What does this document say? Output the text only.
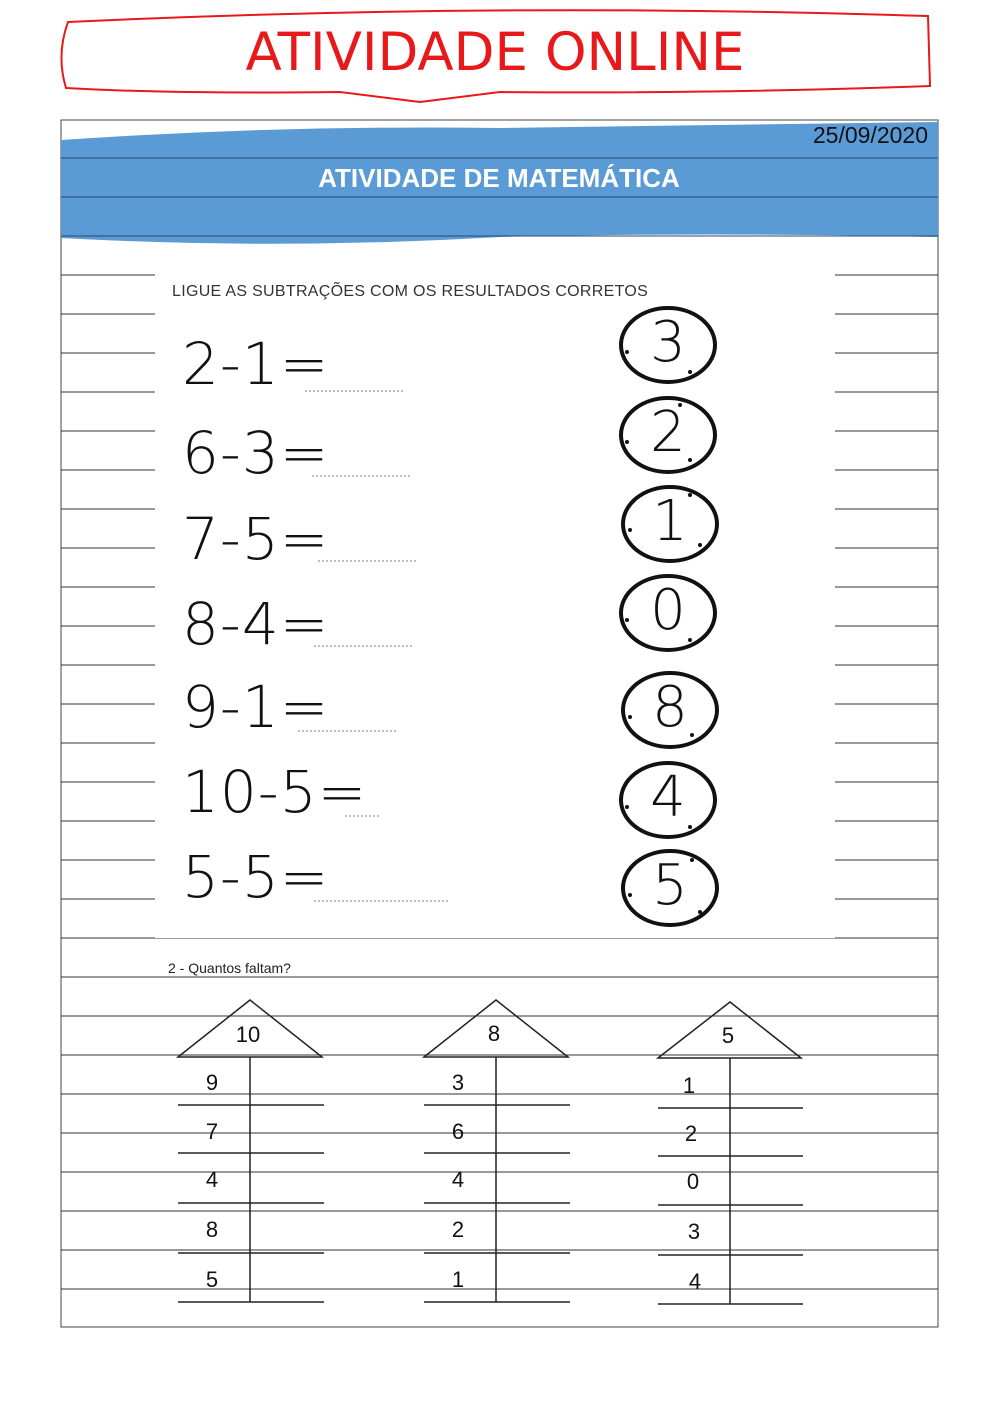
ATIVIDADE ONLINE
25/09/2020
ATIVIDADE DE MATEMÁTICA
LIGUE AS SUBTRAÇÕES COM OS RESULTADOS CORRETOS
2-1=
6-3=
7-5=
8-4=
9-1=
10-5=
5-5=
3
2
1
0
8
4
5
2 - Quantos faltam?
10	8	5
9
7
4
8
5
3
6
4
2
1
1
2
0
3
4
